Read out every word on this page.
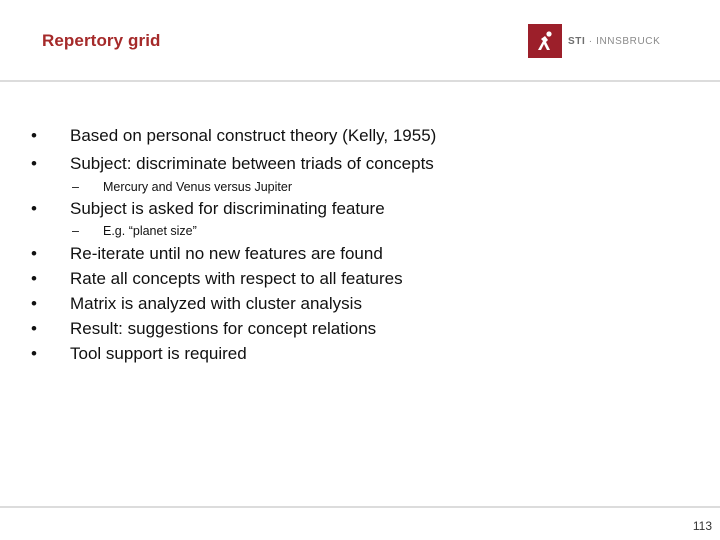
Repertory grid	STI · INNSBRUCK
• Based on personal construct theory (Kelly, 1955)
• Subject: discriminate between triads of concepts
– Mercury and Venus versus Jupiter
• Subject is asked for discriminating feature
– E.g. “planet size”
• Re-iterate until no new features are found
• Rate all concepts with respect to all features
• Matrix is analyzed with cluster analysis
• Result: suggestions for concept relations
• Tool support is required
113
